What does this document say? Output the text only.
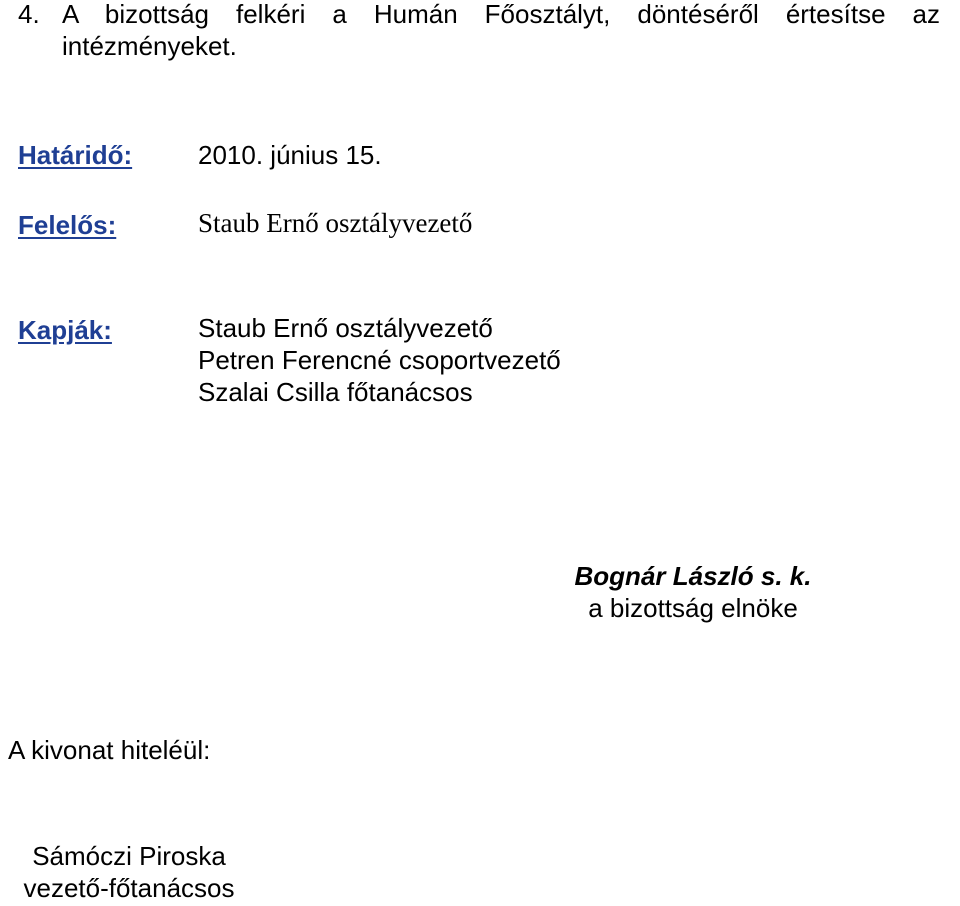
4. A bizottság felkéri a Humán Főosztályt, döntéséről értesítse az
intézményeket.
Határidő:	2010. június 15.
Felelős:	Staub Ernő osztályvezető
Kapják:	Staub Ernő osztályvezető
Petren Ferencné csoportvezető
Szalai Csilla főtanácsos
Bognár László s. k.
a bizottság elnöke
A kivonat hiteléül:
Sámóczi Piroska
vezető-főtanácsos
